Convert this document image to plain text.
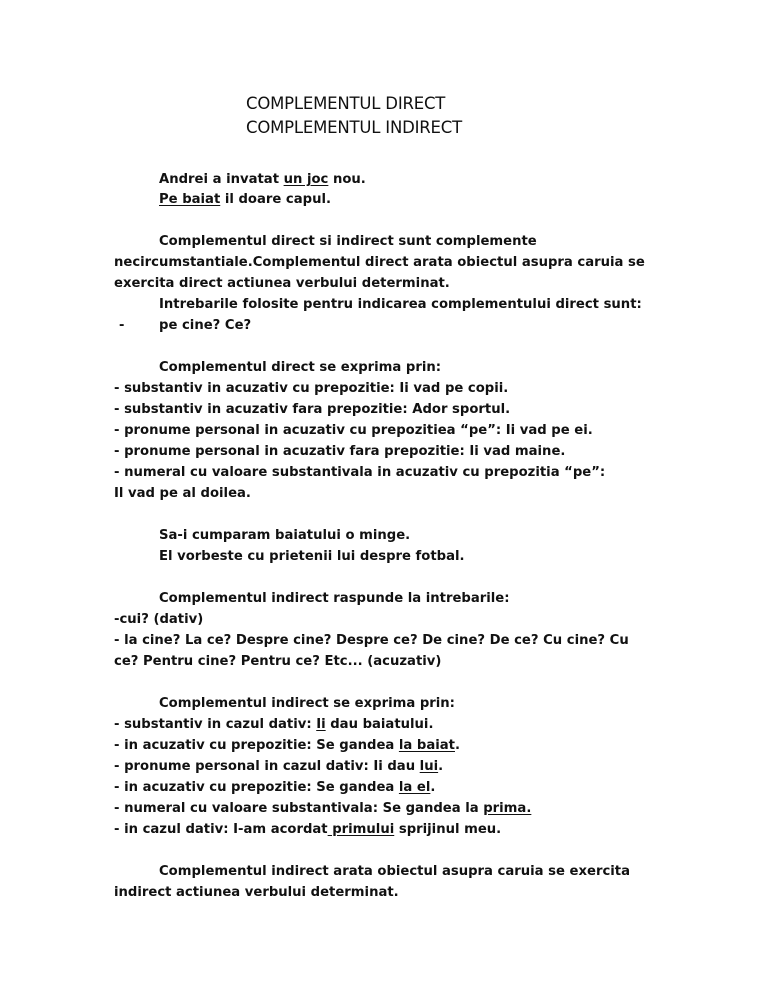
COMPLEMENTUL DIRECT
COMPLEMENTUL INDIRECT
Andrei a invatat un joc nou.
Pe baiat il doare capul.
Complementul direct si indirect sunt complemente
necircumstantiale.Complementul direct arata obiectul asupra caruia se
exercita direct actiunea verbului determinat.
Intrebarile folosite pentru indicarea complementului direct sunt:
-	pe cine? Ce?
Complementul direct se exprima prin:
- substantiv in acuzativ cu prepozitie: Ii vad pe copii.
- substantiv in acuzativ fara prepozitie: Ador sportul.
- pronume personal in acuzativ cu prepozitiea “pe”: Ii vad pe ei.
- pronume personal in acuzativ fara prepozitie: Ii vad maine.
- numeral cu valoare substantivala in acuzativ cu prepozitia “pe”:
Il vad pe al doilea.
Sa-i cumparam baiatului o minge.
El vorbeste cu prietenii lui despre fotbal.
Complementul indirect raspunde la intrebarile:
-cui? (dativ)
- la cine? La ce? Despre cine? Despre ce? De cine? De ce? Cu cine? Cu
ce? Pentru cine? Pentru ce? Etc... (acuzativ)
Complementul indirect se exprima prin:
- substantiv in cazul dativ: Ii dau baiatului.
- in acuzativ cu prepozitie: Se gandea la baiat.
- pronume personal in cazul dativ: Ii dau lui.
- in acuzativ cu prepozitie: Se gandea la el.
- numeral cu valoare substantivala: Se gandea la prima.
- in cazul dativ: I-am acordat primului sprijinul meu.
Complementul indirect arata obiectul asupra caruia se exercita
indirect actiunea verbului determinat.
